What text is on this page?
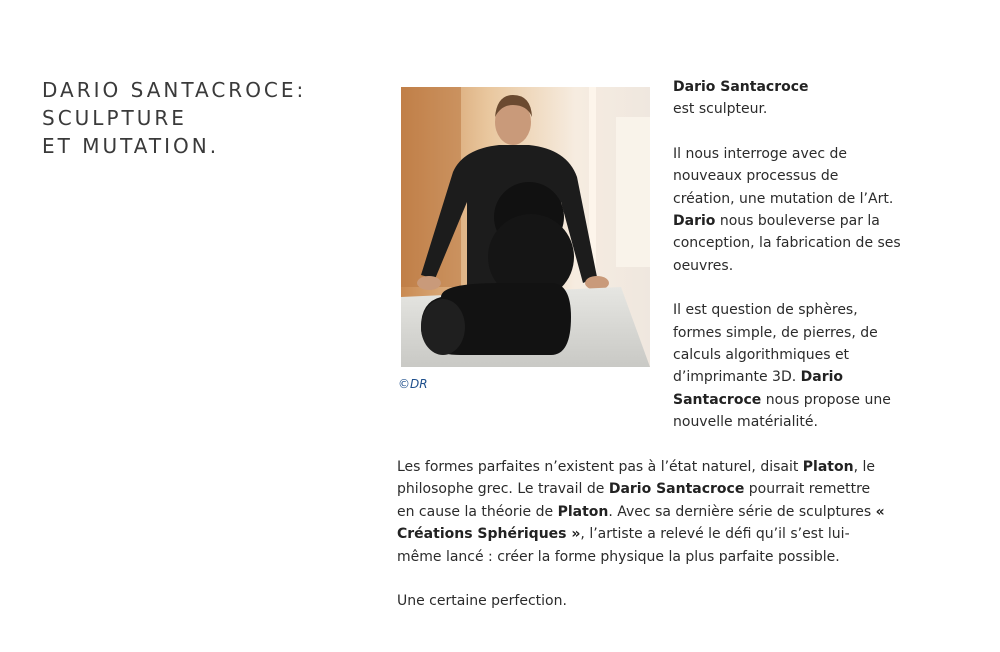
DARIO SANTACROCE:
SCULPTURE
ET MUTATION.
©DR

Dario Santacroce
est sculpteur.

Il nous interroge avec de nouveaux processus de création, une mutation de l’Art. Dario nous bouleverse par la conception, la fabrication de ses oeuvres.

Il est question de sphères, formes simple, de pierres, de calculs algorithmiques et d’imprimante 3D. Dario Santacroce nous propose une nouvelle matérialité.

Les formes parfaites n’existent pas à l’état naturel, disait Platon, le philosophe grec. Le travail de Dario Santacroce pourrait remettre en cause la théorie de Platon. Avec sa dernière série de sculptures « Créations Sphériques », l’artiste a relevé le défi qu’il s’est lui-même lancé : créer la forme physique la plus parfaite possible.

Une certaine perfection.
